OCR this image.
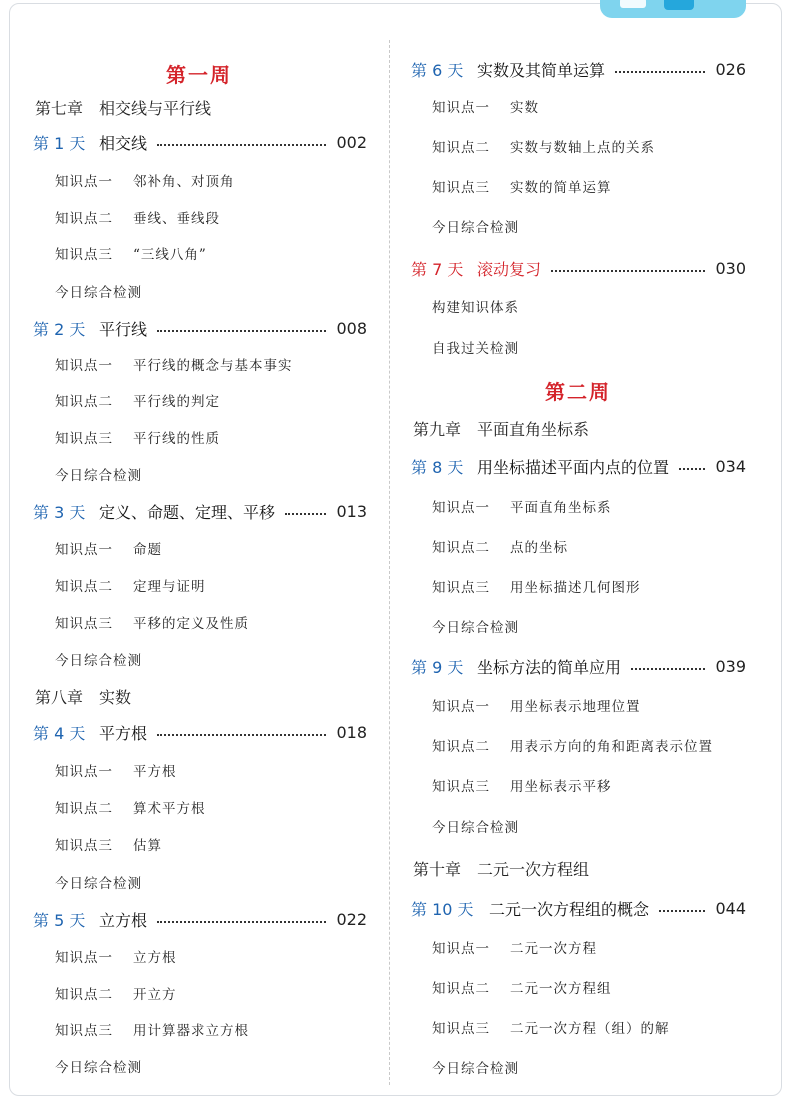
第一周
第七章 相交线与平行线
第 1 天 相交线	002
知识点一 邻补角、对顶角
知识点二 垂线、垂线段
知识点三 “三线八角”
今日综合检测
第 2 天 平行线	008
知识点一 平行线的概念与基本事实
知识点二 平行线的判定
知识点三 平行线的性质
今日综合检测
第 3 天 定义、命题、定理、平移	013
知识点一 命题
知识点二 定理与证明
知识点三 平移的定义及性质
今日综合检测
第八章 实数
第 4 天 平方根	018
知识点一 平方根
知识点二 算术平方根
知识点三 估算
今日综合检测
第 5 天 立方根	022
知识点一 立方根
知识点二 开立方
知识点三 用计算器求立方根
今日综合检测
第 6 天 实数及其简单运算	026
知识点一 实数
知识点二 实数与数轴上点的关系
知识点三 实数的简单运算
今日综合检测
第 7 天 滚动复习	030
构建知识体系
自我过关检测
第二周
第九章 平面直角坐标系
第 8 天 用坐标描述平面内点的位置	034
知识点一 平面直角坐标系
知识点二 点的坐标
知识点三 用坐标描述几何图形
今日综合检测
第 9 天 坐标方法的简单应用	039
知识点一 用坐标表示地理位置
知识点二 用表示方向的角和距离表示位置
知识点三 用坐标表示平移
今日综合检测
第十章 二元一次方程组
第 10 天 二元一次方程组的概念	044
知识点一 二元一次方程
知识点二 二元一次方程组
知识点三 二元一次方程（组）的解
今日综合检测
